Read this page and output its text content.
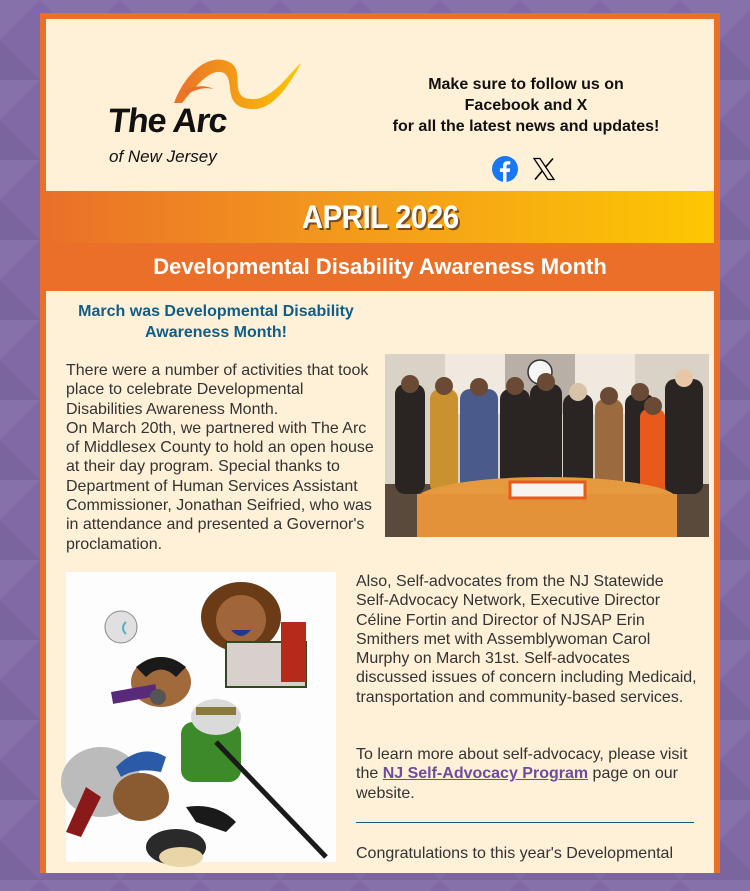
The Arc
of New Jersey
Make sure to follow us on
Facebook and X
for all the latest news and updates!
APRIL 2026
Developmental Disability Awareness Month
March was Developmental Disability Awareness Month!
There were a number of activities that took place to celebrate Developmental Disabilities Awareness Month.
On March 20th, we partnered with The Arc of Middlesex County to hold an open house at their day program. Special thanks to Department of Human Services Assistant Commissioner, Jonathan Seifried, who was in attendance and presented a Governor's proclamation.
Also, Self-advocates from the NJ Statewide Self-Advocacy Network, Executive Director Céline Fortin and Director of NJSAP Erin Smithers met with Assemblywoman Carol Murphy on March 31st. Self-advocates discussed issues of concern including Medicaid, transportation and community-based services.
To learn more about self-advocacy, please visit the NJ Self-Advocacy Program page on our website.
Congratulations to this year's Developmental
